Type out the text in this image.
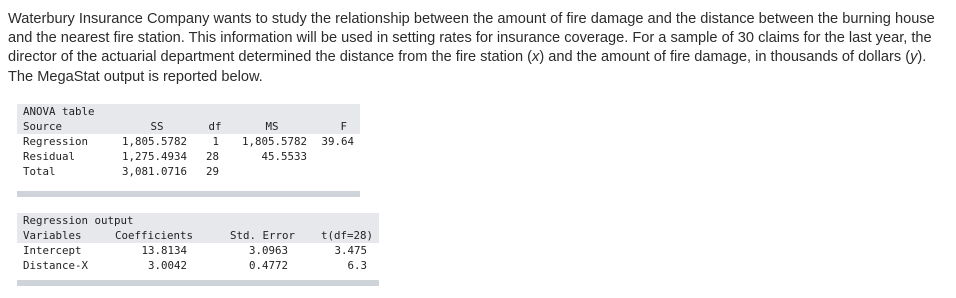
Waterbury Insurance Company wants to study the relationship between the amount of fire damage and the distance between the burning house and the nearest fire station. This information will be used in setting rates for insurance coverage. For a sample of 30 claims for the last year, the director of the actuarial department determined the distance from the fire station (x) and the amount of fire damage, in thousands of dollars (y). The MegaStat output is reported below.
ANOVA table
Source	SS	df	MS	F
Regression	1,805.5782	1	1,805.5782	39.64
Residual	1,275.4934	28	45.5533
Total	3,081.0716	29
Regression output
Variables	Coefficients	Std. Error t(df=28)
Intercept	13.8134	3.0963	3.475
Distance-X	3.0042	0.4772	6.3
